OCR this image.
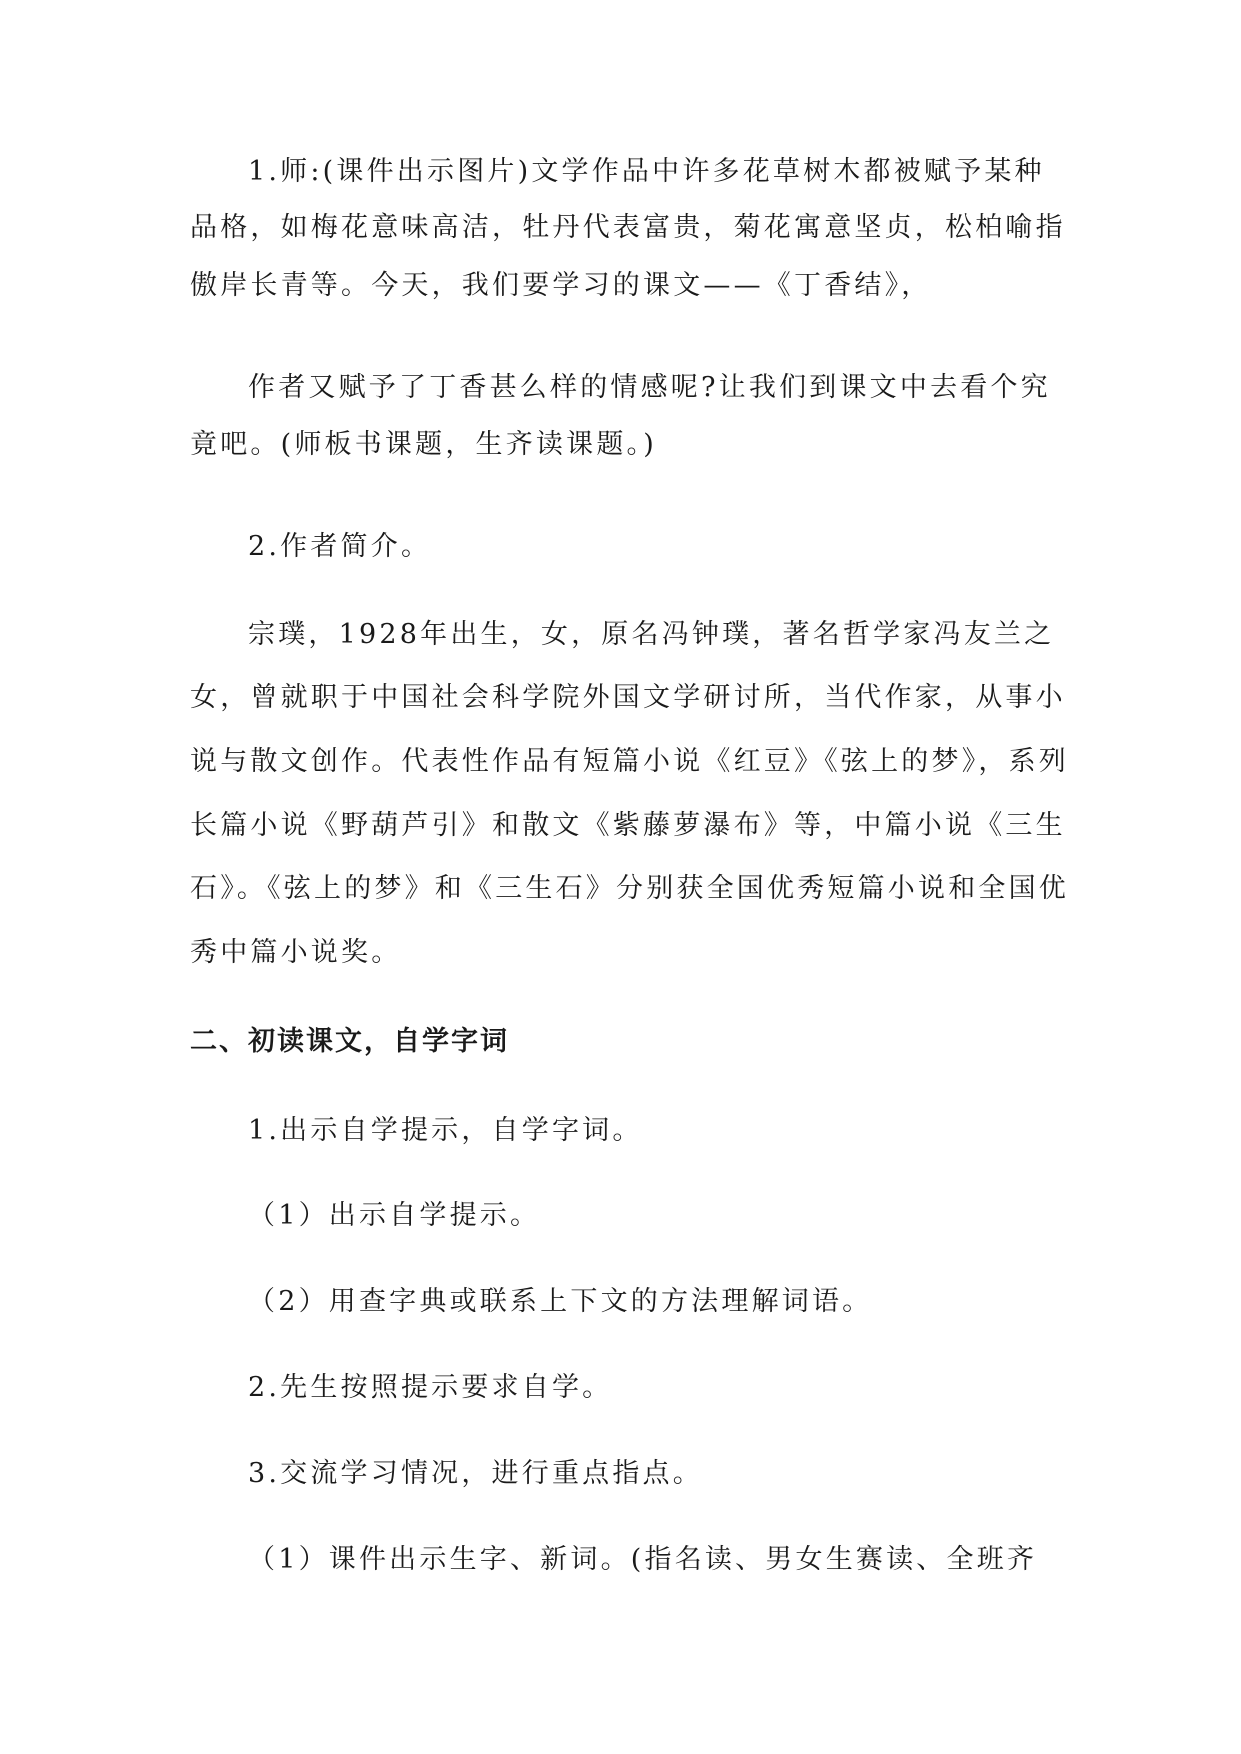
1.师:(课件出示图片)文学作品中许多花草树木都被赋予某种
品格，如梅花意味高洁，牡丹代表富贵，菊花寓意坚贞，松柏喻指
傲岸长青等。今天，我们要学习的课文——《丁香结》，
作者又赋予了丁香甚么样的情感呢?让我们到课文中去看个究
竟吧。(师板书课题，生齐读课题。)
2.作者简介。
宗璞，1928年出生，女，原名冯钟璞，著名哲学家冯友兰之
女，曾就职于中国社会科学院外国文学研讨所，当代作家，从事小
说与散文创作。代表性作品有短篇小说《红豆》《弦上的梦》，系列
长篇小说《野葫芦引》和散文《紫藤萝瀑布》等，中篇小说《三生
石》。《弦上的梦》和《三生石》分别获全国优秀短篇小说和全国优
秀中篇小说奖。
二、初读课文，自学字词
1.出示自学提示，自学字词。
（1）出示自学提示。
（2）用查字典或联系上下文的方法理解词语。
2.先生按照提示要求自学。
3.交流学习情况，进行重点指点。
（1）课件出示生字、新词。(指名读、男女生赛读、全班齐
